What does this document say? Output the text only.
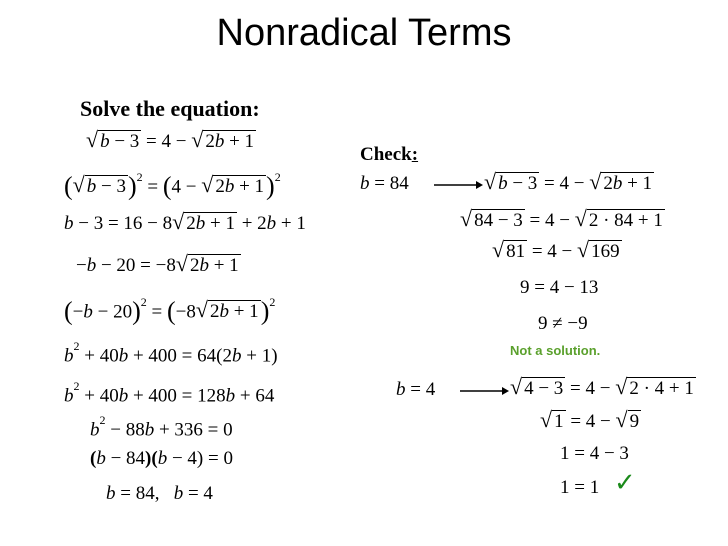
Nonradical Terms
Solve the equation:
√ b − 3 = 4 − √ 2b + 1
(√ b − 3)$^2$ = (4 − √ 2b + 1)$^2$
b − 3 = 16 − 8√ 2b + 1 + 2b + 1
−b − 20 = −8√ 2b + 1
$(-b - 20)^2 = (-8√$ 2b + 1)$^2$
$b^2 + 40b + 400 = 64(2b + 1)$
$b^2 + 40b + 400 = 128b + 64$
$b^2 - 88b + 336 = 0$
(b − 84)(b − 4) = 0
b = 84,   b = 4
Check:
b = 84	√ b − 3 = 4 − √ 2b + 1
√ 84 − 3 = 4 − √ 2 · 84 + 1
√ 81 = 4 − √ 169
9 = 4 − 13
9 ≠ −9
Not a solution.
b = 4	√ 4 − 3 = 4 − √ 2 · 4 + 1
√ 1 = 4 − √ 9
1 = 4 − 3
1 = 1 ✓
